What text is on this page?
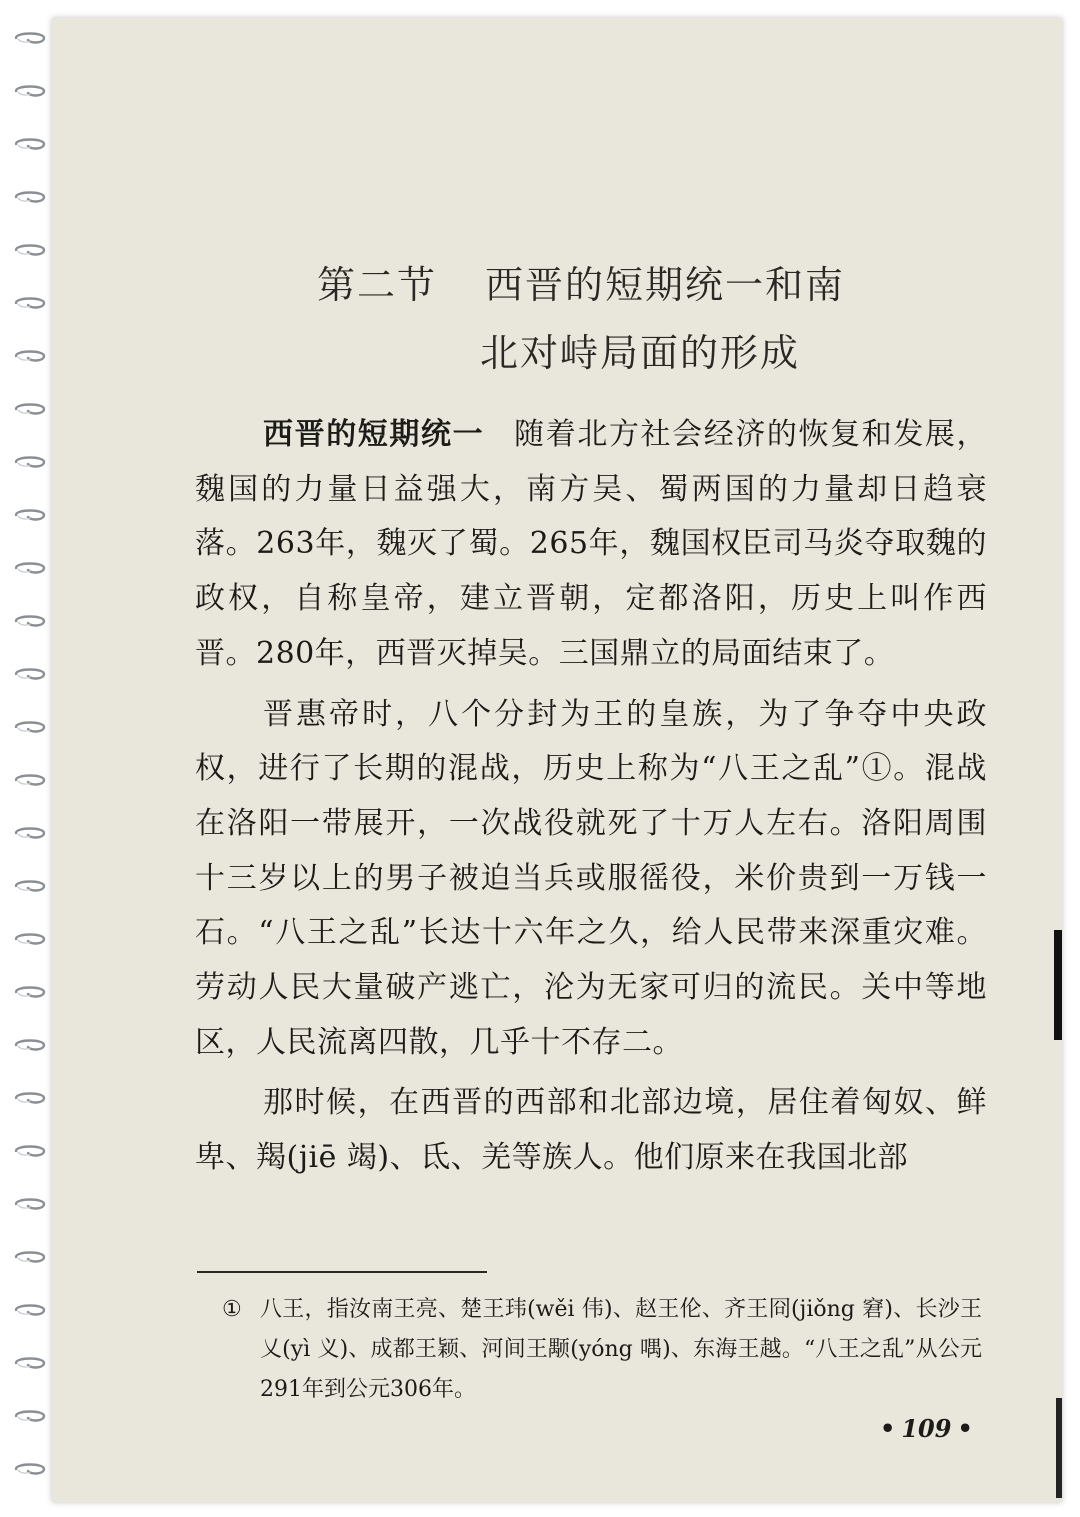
第二节 西晋的短期统一和南
北对峙局面的形成

西晋的短期统一 随着北方社会经济的恢复和发展，魏国的力量日益强大，南方吴、蜀两国的力量却日趋衰落。263年，魏灭了蜀。265年，魏国权臣司马炎夺取魏的政权，自称皇帝，建立晋朝，定都洛阳，历史上叫作西晋。280年，西晋灭掉吴。三国鼎立的局面结束了。

晋惠帝时，八个分封为王的皇族，为了争夺中央政权，进行了长期的混战，历史上称为“八王之乱”①。混战在洛阳一带展开，一次战役就死了十万人左右。洛阳周围十三岁以上的男子被迫当兵或服徭役，米价贵到一万钱一石。“八王之乱”长达十六年之久，给人民带来深重灾难。劳动人民大量破产逃亡，沦为无家可归的流民。关中等地区，人民流离四散，几乎十不存二。

那时候，在西晋的西部和北部边境，居住着匈奴、鲜卑、羯(jiē 竭)、氐、羌等族人。他们原来在我国北部

① 八王，指汝南王亮、楚王玮(wěi 伟)、赵王伦、齐王冏(jiǒng 窘)、长沙王乂(yì 义)、成都王颖、河间王颙(yóng 喁)、东海王越。“八王之乱”从公元291年到公元306年。
• 109 •
